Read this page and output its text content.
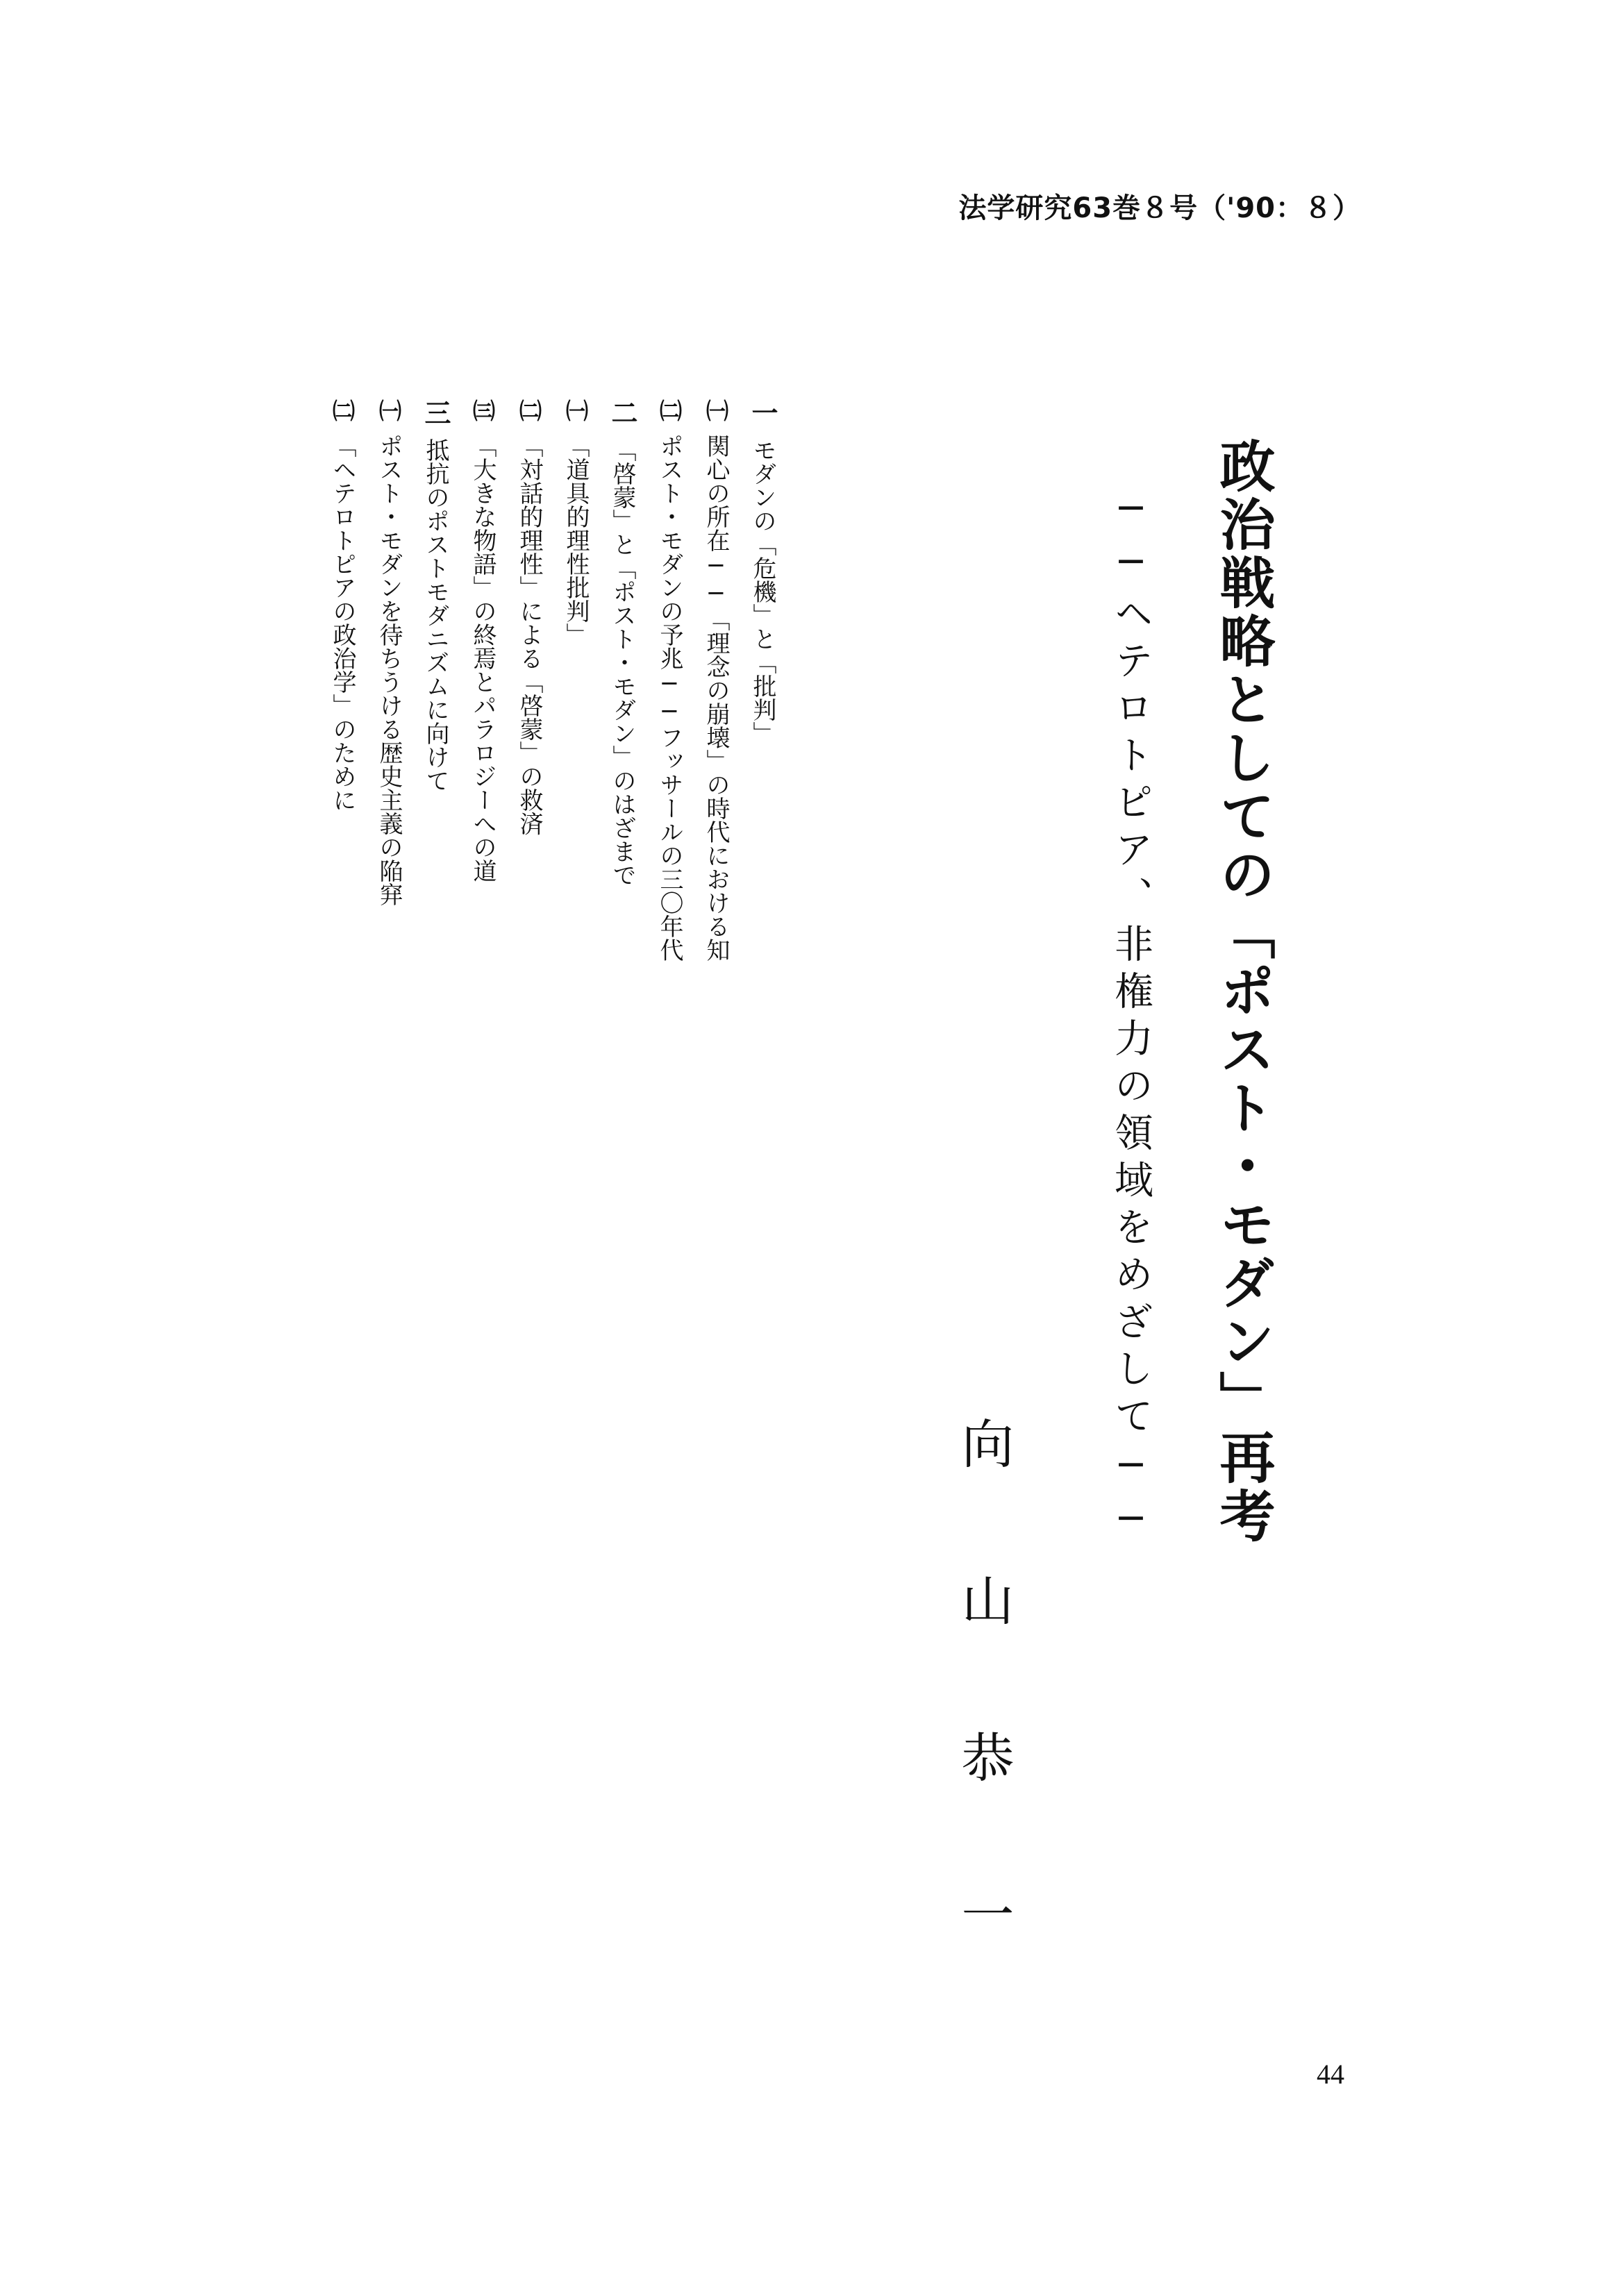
法学研究63巻８号（'90：８）
政治戦略としての「ポスト・モダン」再考
──ヘテロトピア、非権力の領域をめざして──
向山恭一
一モダンの「危機」と「批判」
㈠関心の所在──「理念の崩壊」の時代における知
㈡ポスト・モダンの予兆──フッサールの三〇年代
二「啓蒙」と「ポスト・モダン」のはざまで
㈠「道具的理性批判」
㈡「対話的理性」による「啓蒙」の救済
㈢「大きな物語」の終焉とパラロジーへの道
三抵抗のポストモダニズムに向けて
㈠ポスト・モダンを待ちうける歴史主義の陥穽
㈡「ヘテロトピアの政治学」のために
44
